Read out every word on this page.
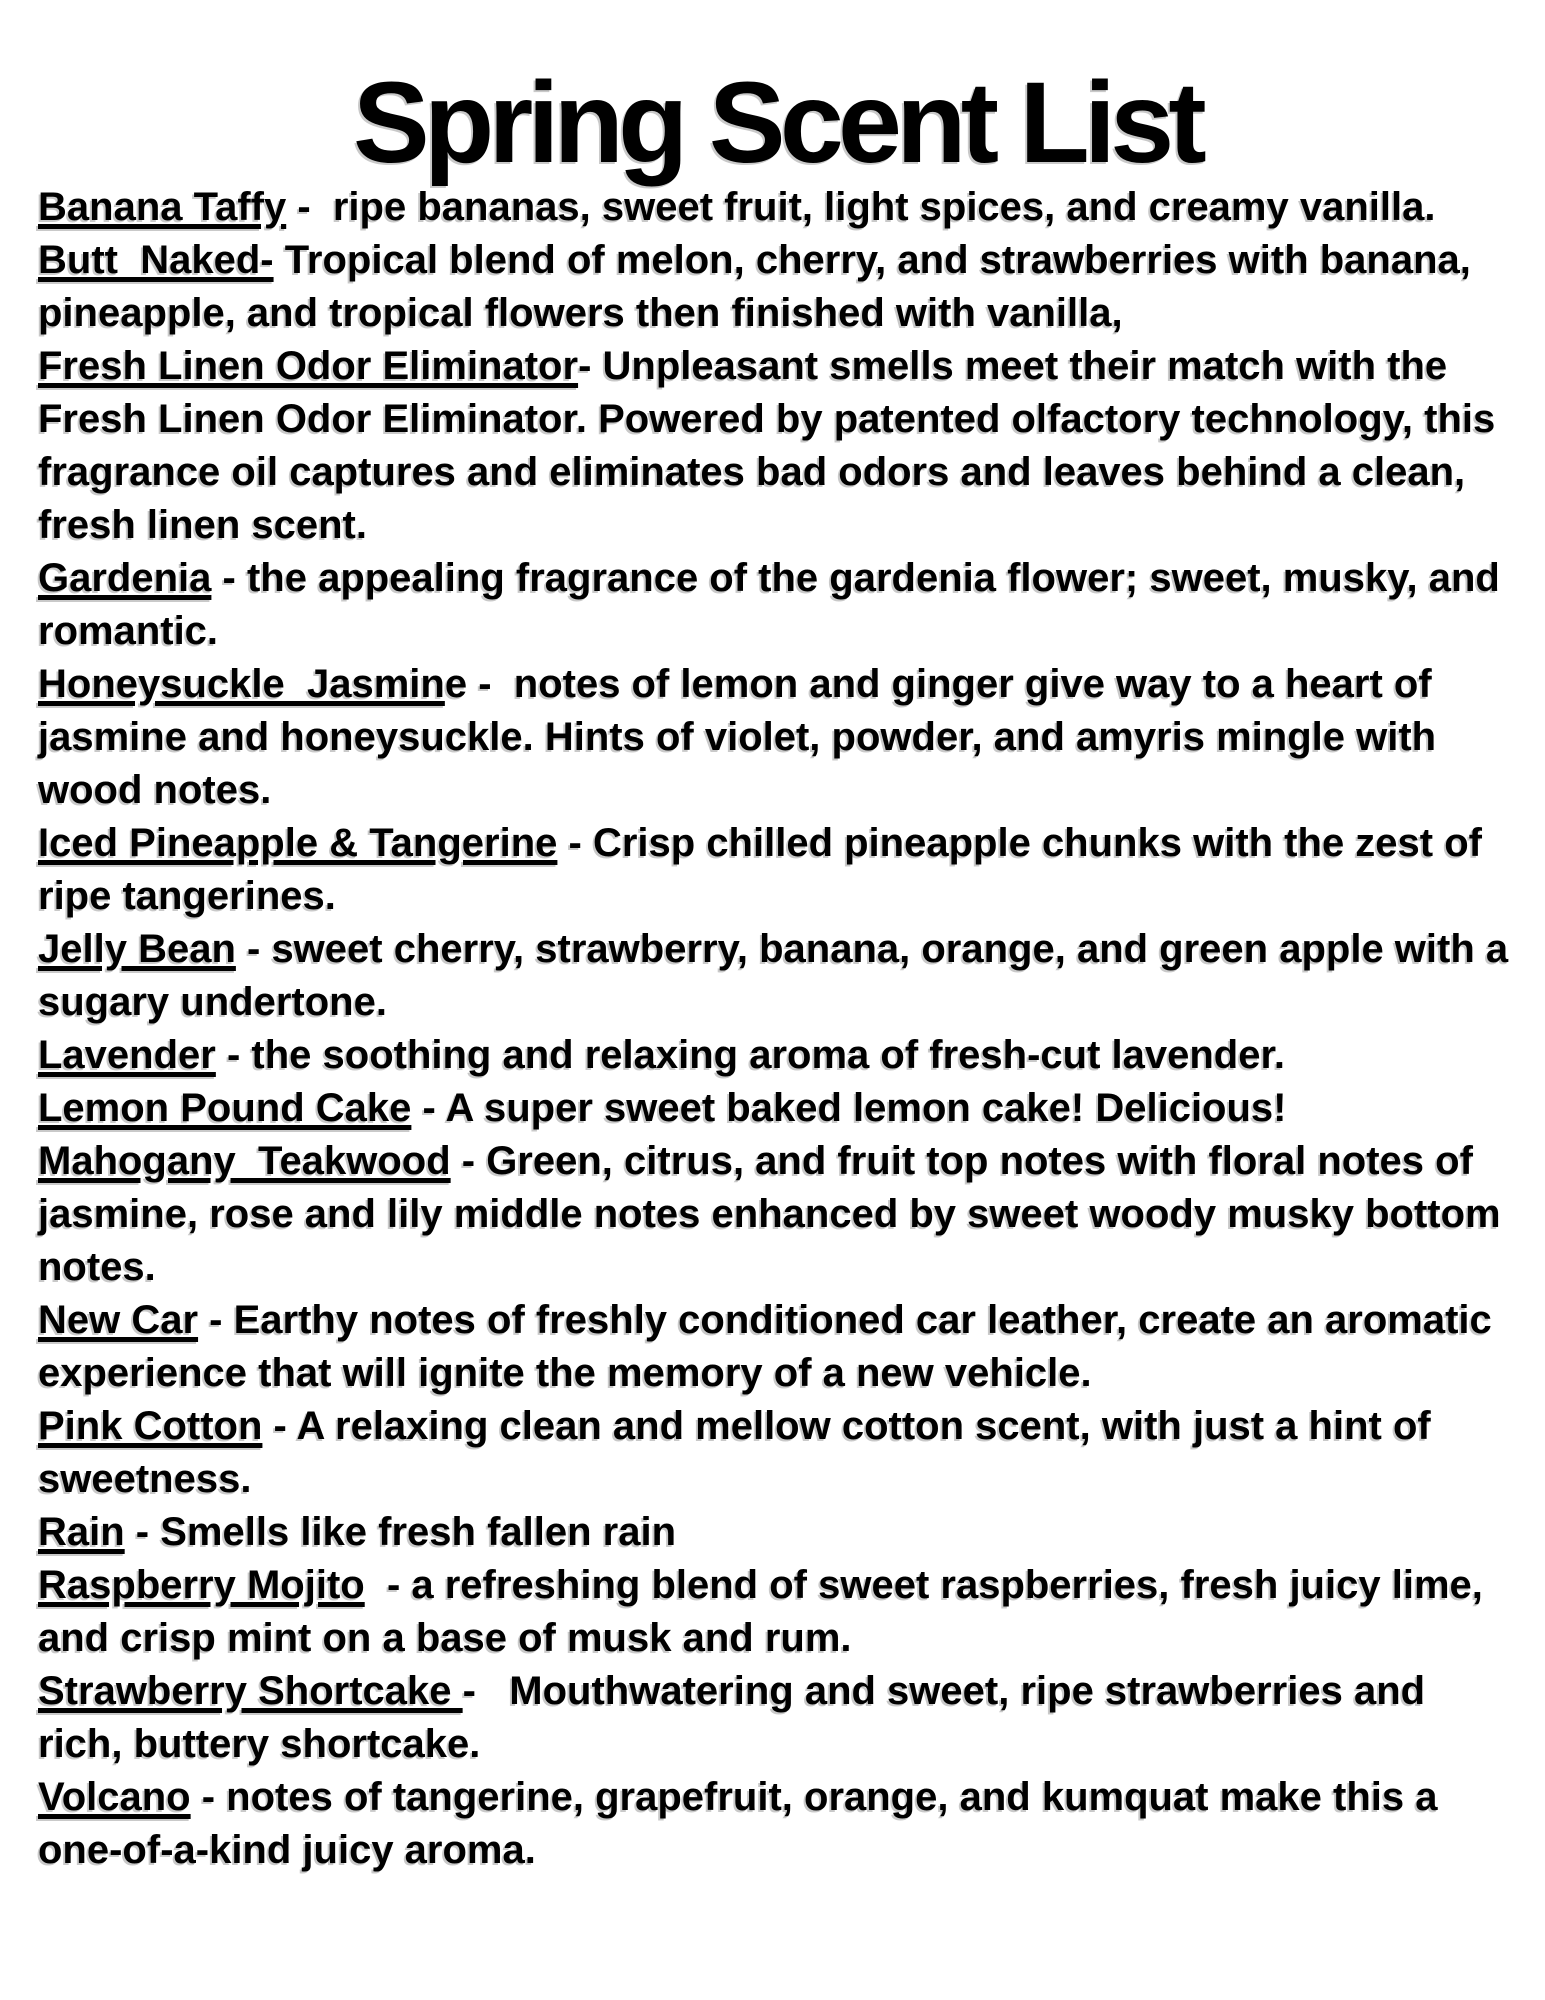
Spring Scent List

Banana Taffy -  ripe bananas, sweet fruit, light spices, and creamy vanilla.

Butt  Naked- Tropical blend of melon, cherry, and strawberries with banana, pineapple, and tropical flowers then finished with vanilla,

Fresh Linen Odor Eliminator- Unpleasant smells meet their match with the Fresh Linen Odor Eliminator. Powered by patented olfactory technology, this fragrance oil captures and eliminates bad odors and leaves behind a clean, fresh linen scent.

Gardenia - the appealing fragrance of the gardenia flower; sweet, musky, and romantic.

Honeysuckle  Jasmine -  notes of lemon and ginger give way to a heart of jasmine and honeysuckle. Hints of violet, powder, and amyris mingle with wood notes.

Iced Pineapple & Tangerine - Crisp chilled pineapple chunks with the zest of ripe tangerines.

Jelly Bean - sweet cherry, strawberry, banana, orange, and green apple with a sugary undertone.

Lavender - the soothing and relaxing aroma of fresh-cut lavender.

Lemon Pound Cake - A super sweet baked lemon cake! Delicious!

Mahogany  Teakwood - Green, citrus, and fruit top notes with floral notes of jasmine, rose and lily middle notes enhanced by sweet woody musky bottom notes.

New Car - Earthy notes of freshly conditioned car leather, create an aromatic experience that will ignite the memory of a new vehicle.

Pink Cotton - A relaxing clean and mellow cotton scent, with just a hint of sweetness.

Rain - Smells like fresh fallen rain

Raspberry Mojito  - a refreshing blend of sweet raspberries, fresh juicy lime, and crisp mint on a base of musk and rum.

Strawberry Shortcake -   Mouthwatering and sweet, ripe strawberries and rich, buttery shortcake.

Volcano - notes of tangerine, grapefruit, orange, and kumquat make this a one-of-a-kind juicy aroma.
